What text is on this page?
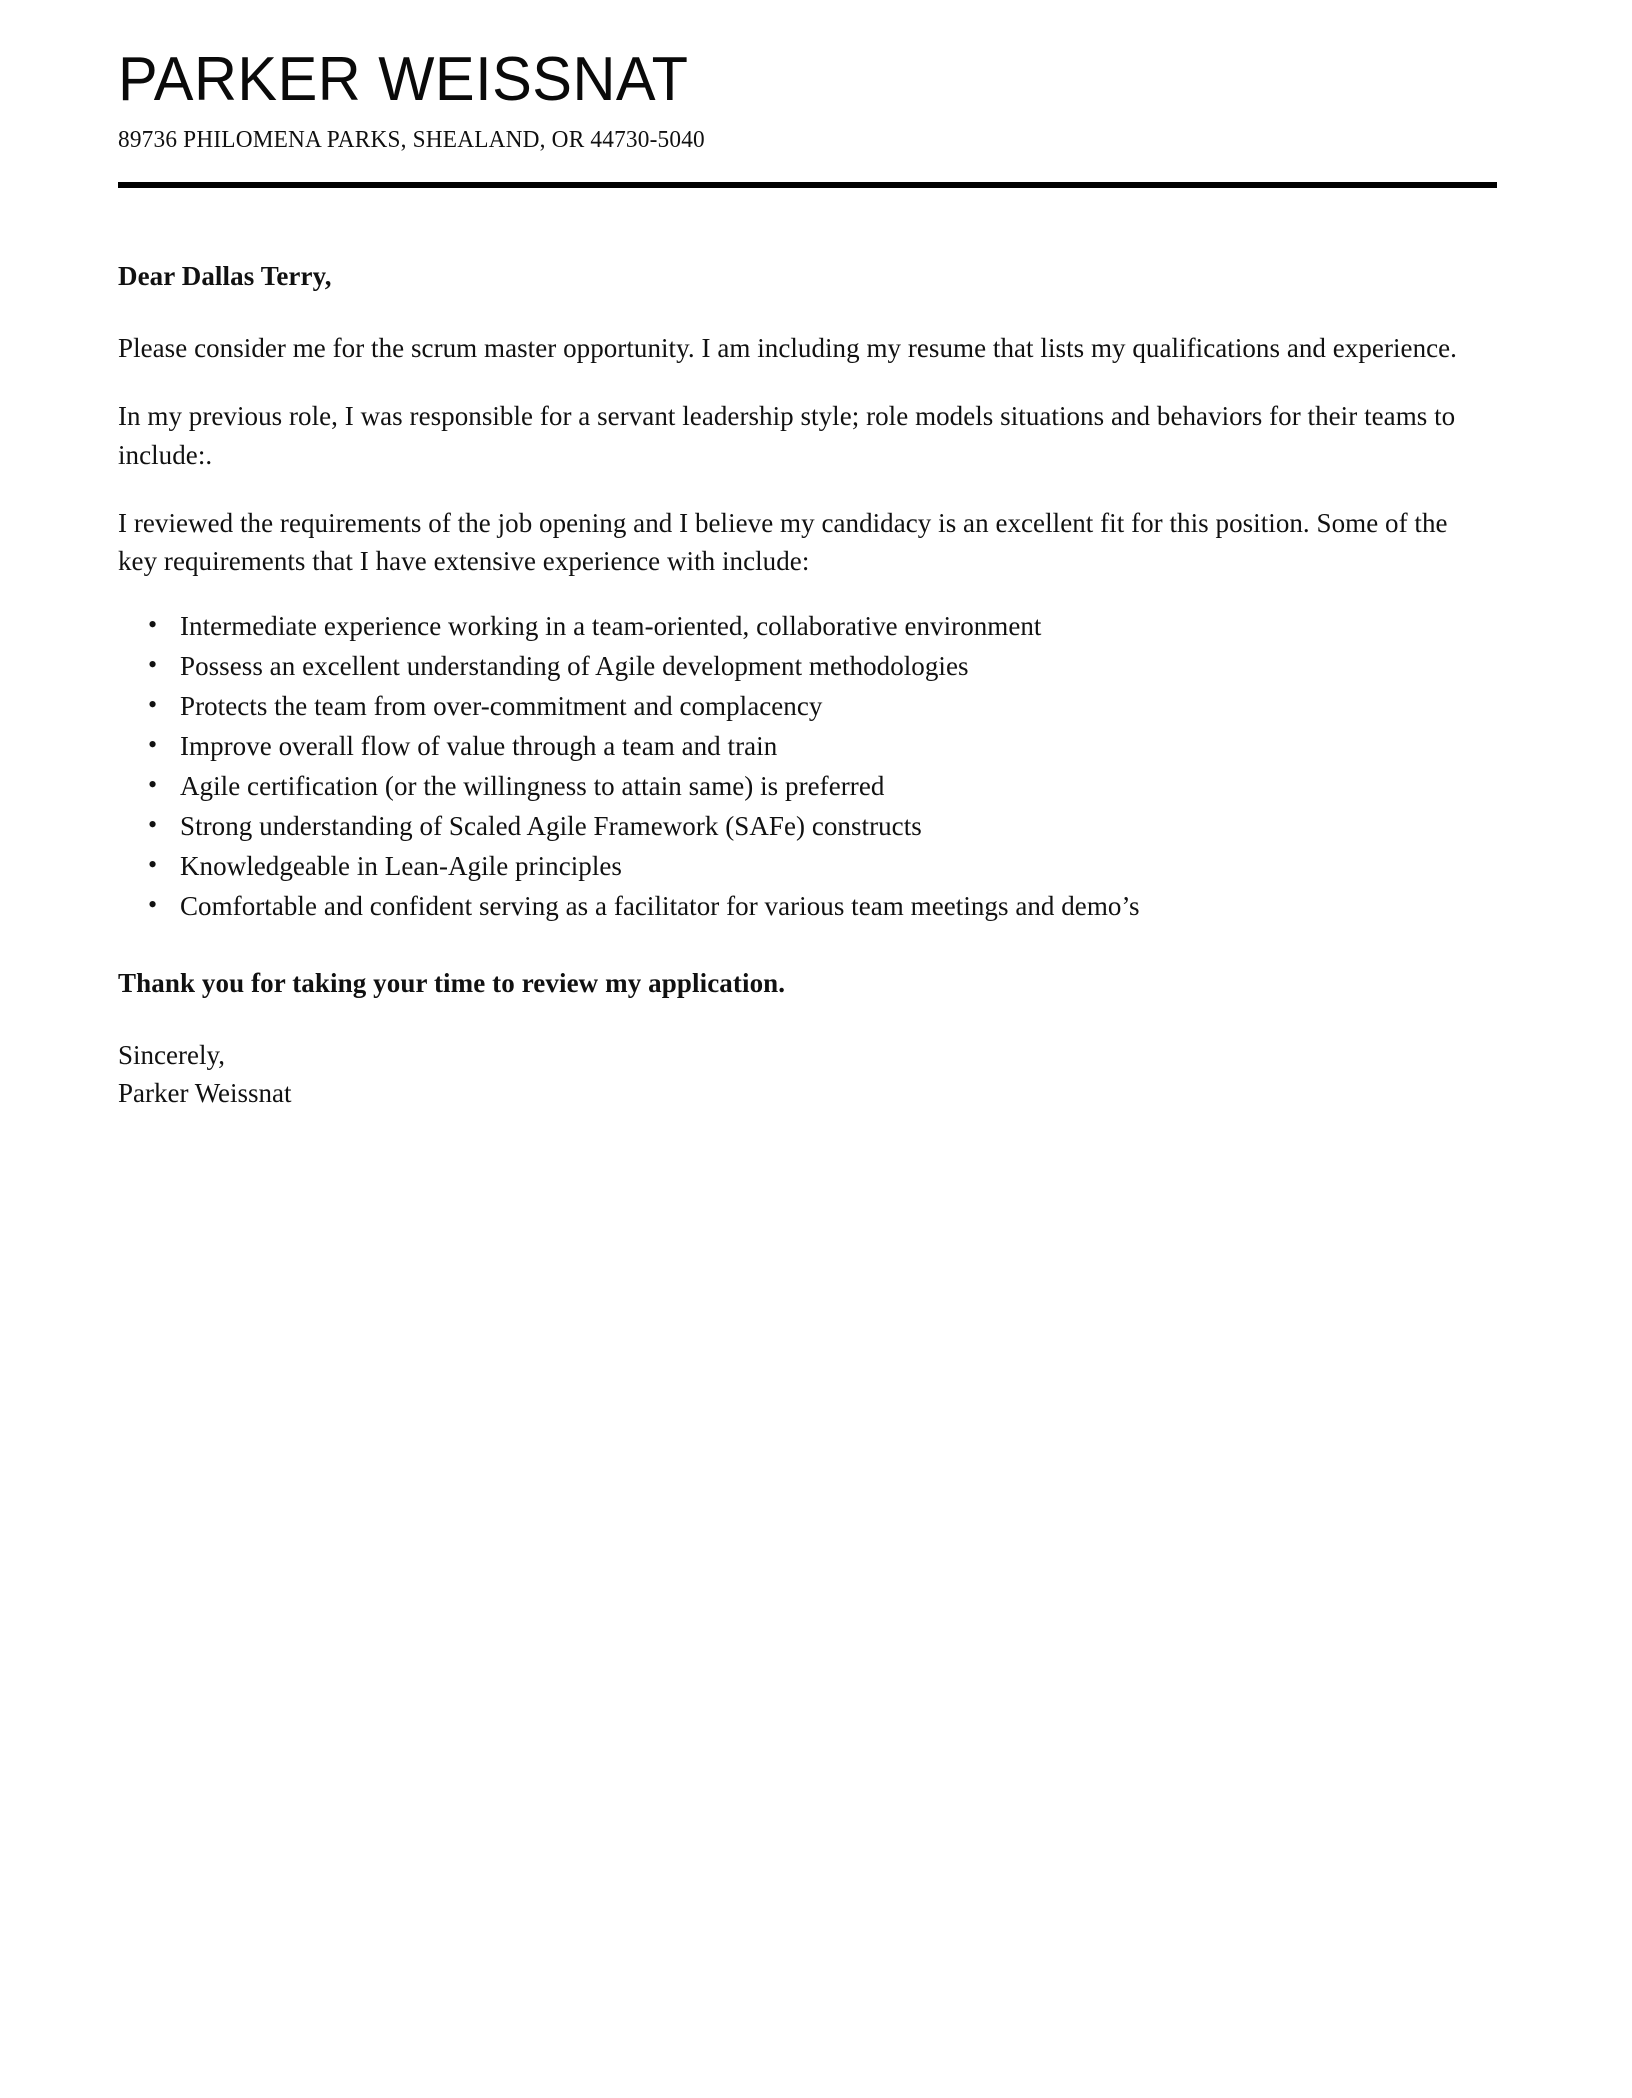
PARKER WEISSNAT
89736 PHILOMENA PARKS, SHEALAND, OR 44730-5040

Dear Dallas Terry,

Please consider me for the scrum master opportunity. I am including my resume that lists my qualifications and experience.

In my previous role, I was responsible for a servant leadership style; role models situations and behaviors for their teams to include:.

I reviewed the requirements of the job opening and I believe my candidacy is an excellent fit for this position. Some of the key requirements that I have extensive experience with include:

• Intermediate experience working in a team-oriented, collaborative environment
• Possess an excellent understanding of Agile development methodologies
• Protects the team from over-commitment and complacency
• Improve overall flow of value through a team and train
• Agile certification (or the willingness to attain same) is preferred
• Strong understanding of Scaled Agile Framework (SAFe) constructs
• Knowledgeable in Lean-Agile principles
• Comfortable and confident serving as a facilitator for various team meetings and demo’s

Thank you for taking your time to review my application.

Sincerely,
Parker Weissnat
